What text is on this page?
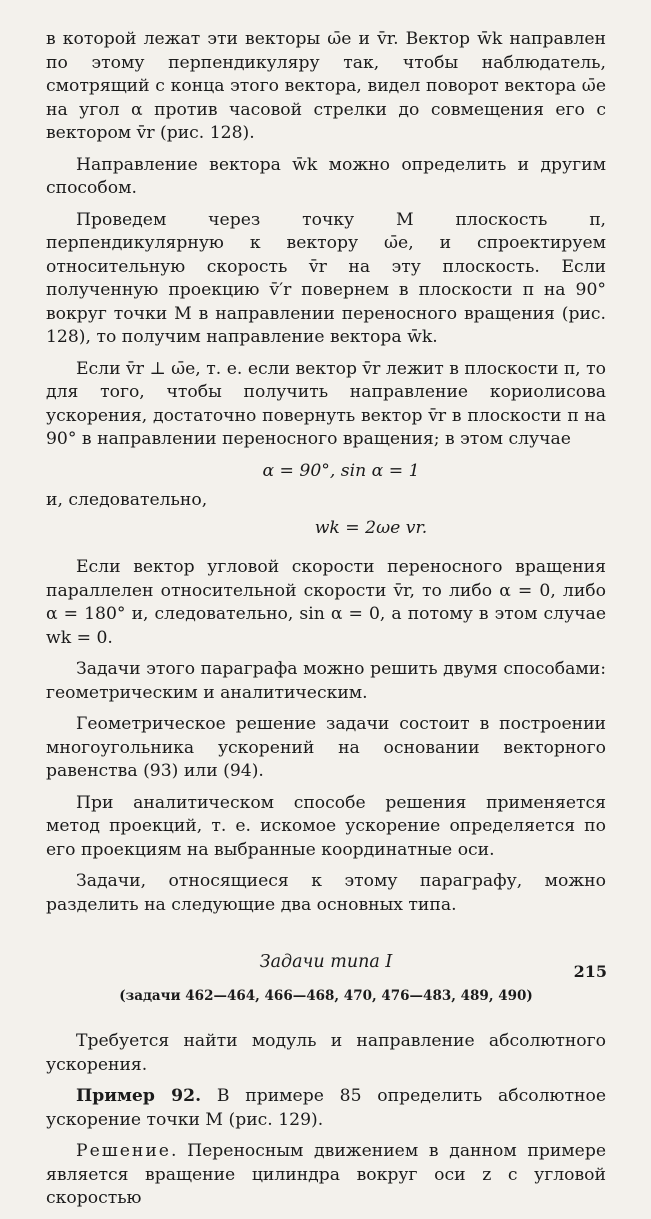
в которой лежат эти векторы ω̄e и v̄r. Вектор w̄k направлен по этому перпендикуляру так, чтобы наблюдатель, смотрящий с конца этого вектора, видел поворот вектора ω̄e на угол α против часовой стрелки до совмещения его с вектором v̄r (рис. 128).

Направление вектора w̄k можно определить и другим способом.

Проведем через точку M плоскость π, перпендикулярную к вектору ω̄e, и спроектируем относительную скорость v̄r на эту плоскость. Если полученную проекцию v̄′r повернем в плоскости π на 90° вокруг точки M в направлении переносного вращения (рис. 128), то получим направление вектора w̄k.

Если v̄r ⊥ ω̄e, т. е. если вектор v̄r лежит в плоскости π, то для того, чтобы получить направление кориолисова ускорения, достаточно повернуть вектор v̄r в плоскости π на 90° в направлении переносного вращения; в этом случае

α = 90°, sin α = 1

и, следовательно,

wk = 2ωe vr.

Если вектор угловой скорости переносного вращения параллелен относительной скорости v̄r, то либо α = 0, либо α = 180° и, следовательно, sin α = 0, а потому в этом случае wk = 0.

Задачи этого параграфа можно решить двумя способами: геометрическим и аналитическим.

Геометрическое решение задачи состоит в построении многоугольника ускорений на основании векторного равенства (93) или (94).

При аналитическом способе решения применяется метод проекций, т. е. искомое ускорение определяется по его проекциям на выбранные координатные оси.

Задачи, относящиеся к этому параграфу, можно разделить на следующие два основных типа.

Задачи типа I
(задачи 462—464, 466—468, 470, 476—483, 489, 490)

Требуется найти модуль и направление абсолютного ускорения.

Пример 92. В примере 85 определить абсолютное ускорение точки M (рис. 129).

Решение. Переносным движением в данном примере является вращение цилиндра вокруг оси z с угловой скоростью

215
